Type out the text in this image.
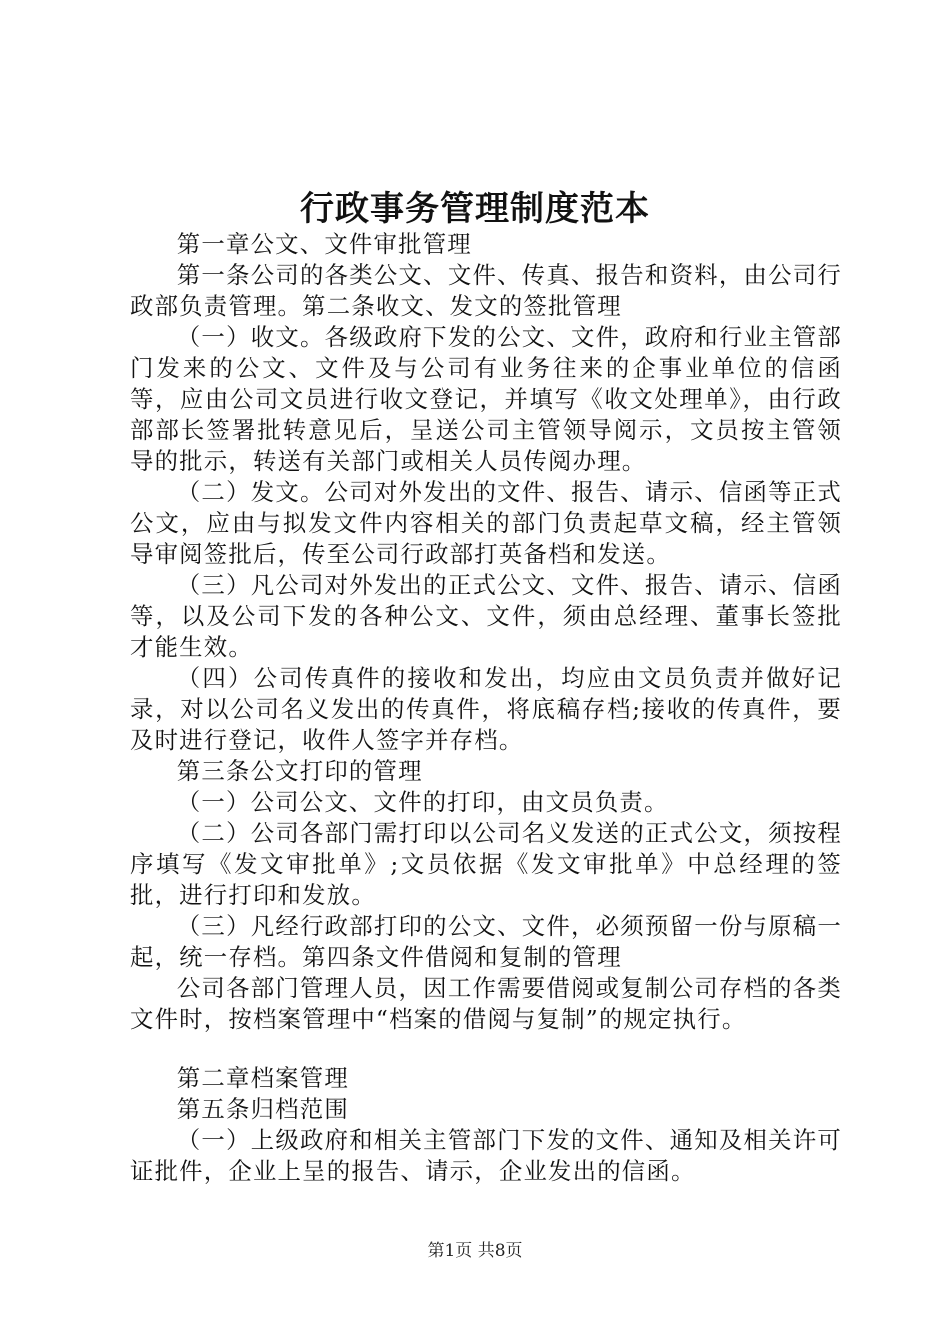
行政事务管理制度范本

第一章公文、文件审批管理

第一条公司的各类公文、文件、传真、报告和资料，由公司行政部负责管理。第二条收文、发文的签批管理

（一）收文。各级政府下发的公文、文件，政府和行业主管部门发来的公文、文件及与公司有业务往来的企事业单位的信函等，应由公司文员进行收文登记，并填写《收文处理单》，由行政部部长签署批转意见后，呈送公司主管领导阅示，文员按主管领导的批示，转送有关部门或相关人员传阅办理。

（二）发文。公司对外发出的文件、报告、请示、信函等正式公文，应由与拟发文件内容相关的部门负责起草文稿，经主管领导审阅签批后，传至公司行政部打英备档和发送。

（三）凡公司对外发出的正式公文、文件、报告、请示、信函等，以及公司下发的各种公文、文件，须由总经理、董事长签批才能生效。

（四）公司传真件的接收和发出，均应由文员负责并做好记录，对以公司名义发出的传真件，将底稿存档;接收的传真件，要及时进行登记，收件人签字并存档。

第三条公文打印的管理

（一）公司公文、文件的打印，由文员负责。

（二）公司各部门需打印以公司名义发送的正式公文，须按程序填写《发文审批单》;文员依据《发文审批单》中总经理的签批，进行打印和发放。

（三）凡经行政部打印的公文、文件，必须预留一份与原稿一起，统一存档。第四条文件借阅和复制的管理

公司各部门管理人员，因工作需要借阅或复制公司存档的各类文件时，按档案管理中“档案的借阅与复制”的规定执行。

第二章档案管理

第五条归档范围

（一）上级政府和相关主管部门下发的文件、通知及相关许可证批件，企业上呈的报告、请示，企业发出的信函。

第1页 共8页
